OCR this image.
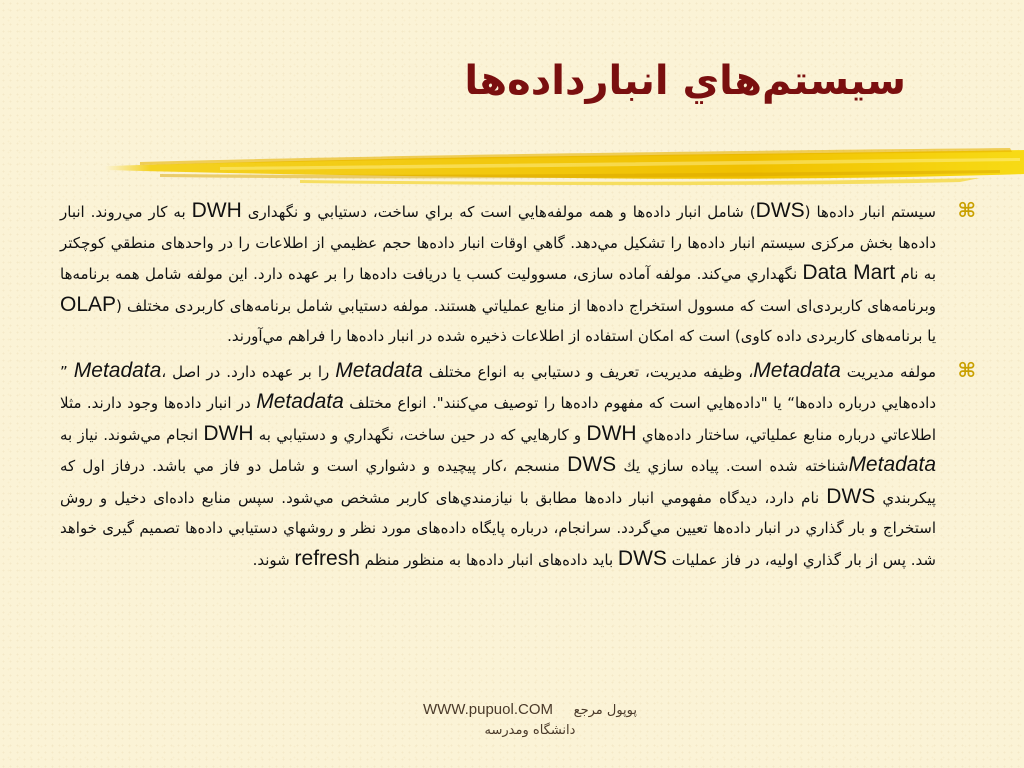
سیستم‌هاي انبارداده‌ها
⌘

سیستم انبار داده‌ها (DWS) شامل انبار داده‌ها و همه مولفه‌هايي است که براي ساخت، دستيابي و نگهداری DWH به کار مي‌روند. انبار داده‌ها بخش مرکزی سیستم انبار داده‌ها را تشکیل مي‌دهد. گاهي اوقات انبار داده‌ها حجم عظيمي از اطلاعات را در واحدهای منطقي کوچکتر به نام Data Mart نگهداري مي‌کند. مولفه آماده سازی، مسوولیت کسب يا دريافت داده‌ها را بر عهده دارد. اين مولفه شامل همه برنامه‌ها وبرنامه‌های کاربردی‌ای است که مسوول استخراج داده‌ها از منابع عملياتي هستند. مولفه دستيابي شامل برنامه‌های کاربردی مختلف (OLAP يا برنامه‌های کاربردی داده کاوی) است که امکان استفاده از اطلاعات ذخیره شده در انبار داده‌ها را فراهم مي‌آورند.

⌘

مولفه مديريت Metadata، وظيفه مديريت، تعريف و دستيابي به انواع مختلف Metadata را بر عهده دارد. در اصل ،Metadata ” داده‌هايي درباره داده‌ها“ يا "داده‌هايي است که مفهوم داده‌ها را توصيف مي‌کنند". انواع مختلف Metadata در انبار داده‌ها وجود دارند. مثلا اطلاعاتي درباره منابع عملياتي، ساختار داده‌هاي DWH و کارهايي که در حين ساخت، نگهداري و دستيابي به DWH انجام مي‌شوند. نياز به Metadataشناخته شده است. پياده سازي يك DWS منسجم ،کار پيچيده و دشواري است و شامل دو فاز مي باشد. درفاز اول که پيکربندي DWS نام دارد، ديدگاه مفهومي انبار داده‌ها مطابق با نيازمندي‌های کاربر مشخص مي‌شود. سپس منابع داده‌ای دخيل و روش استخراج و بار گذاري در انبار داده‌ها تعيين مي‌گردد. سرانجام، درباره پايگاه داده‌های مورد نظر و روشهاي دستيابي داده‌ها تصميم گيری خواهد شد. پس از بار گذاري اوليه، در فاز عمليات DWS بايد داده‌های انبار داده‌ها به منظور منظم refresh شوند.

WWW.pupuol.COM پوپول مرجع
دانشگاه ومدرسه
